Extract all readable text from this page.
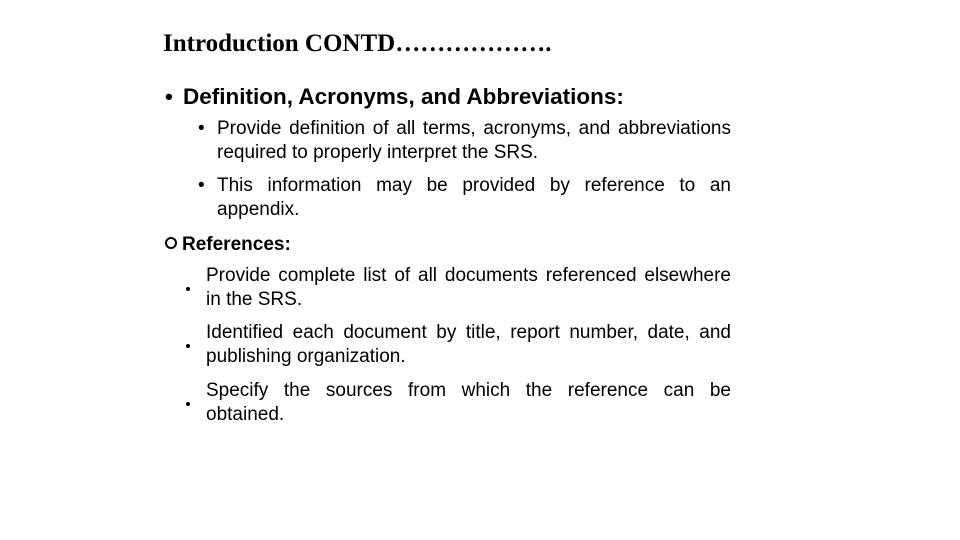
Introduction CONTD……………….
• Definition, Acronyms, and Abbreviations:
• Provide definition of all terms, acronyms, and abbreviations required to properly interpret the SRS.
• This information may be provided by reference to an appendix.
References:
Provide complete list of all documents referenced elsewhere in the SRS.
Identified each document by title, report number, date, and publishing organization.
Specify the sources from which the reference can be obtained.
